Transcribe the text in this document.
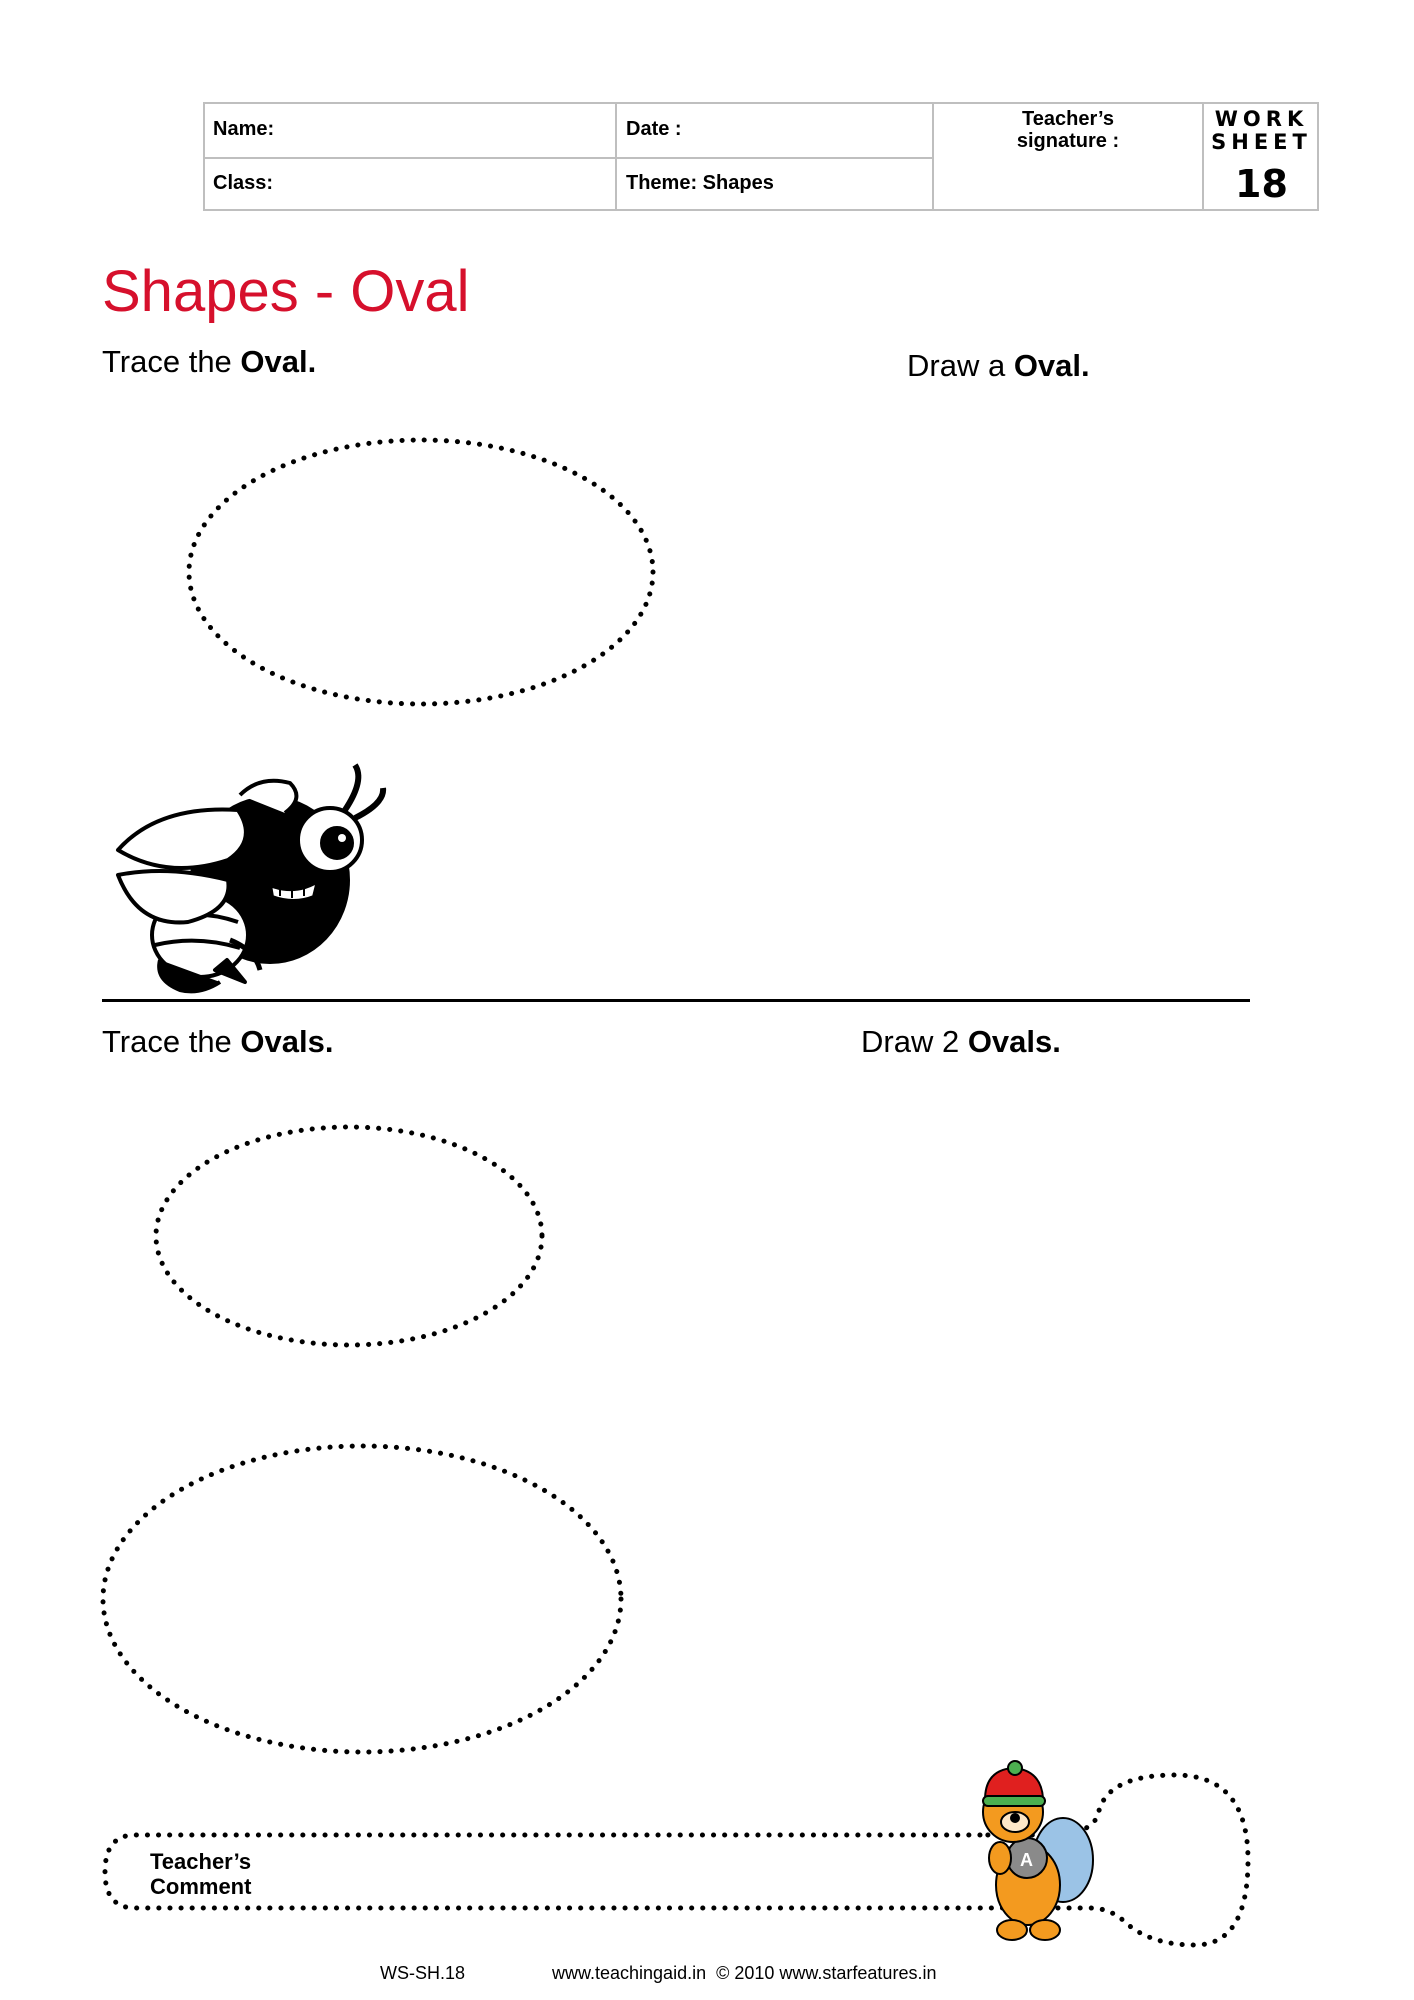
Name:	Date :
Class:	Theme: Shapes
Teacher’s
signature :
WORK
SHEET
18
Shapes - Oval
Trace the Oval.	Draw a Oval.
Trace the Ovals.	Draw 2 Ovals.
A
Teacher’s
Comment
WS-SH.18	www.teachingaid.in  © 2010 www.starfeatures.in
